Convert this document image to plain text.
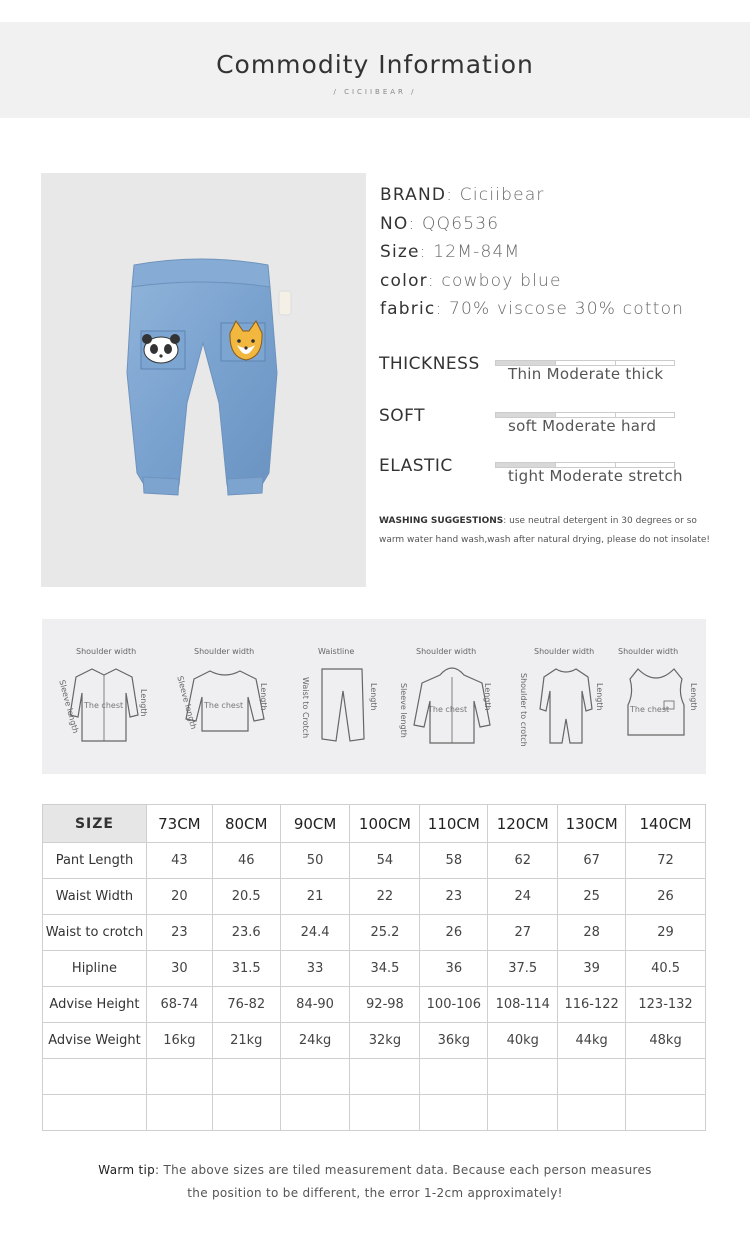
Commodity Information
/ CICIIBEAR /
BRAND: Ciciibear
NO: QQ6536
Size: 12M-84M
color: cowboy blue
fabric: 70% viscose 30% cotton
THICKNESS Thin Moderate thick
SOFT	soft Moderate hard
ELASTIC	tight Moderate stretch
WASHING SUGGESTIONS: use neutral detergent in 30 degrees or so warm water hand wash,wash after natural drying, please do not insolate!
Shoulder width
Length
Sleeve length The chest
Shoulder width
Length
Sleeve length The chest
Waistline
Length
Waist to Crotch
Shoulder width
Length
Sleeve length	The chest
Shoulder width
Length
Shoulder to crotch
Shoulder width
Length
The chest
SIZE	73CM	80CM	90CM	100CM	110CM	120CM	130CM	140CM
Pant Length	43	46	50	54	58	62	67	72
Waist Width	20	20.5	21	22	23	24	25	26
Waist to crotch	23	23.6	24.4	25.2	26	27	28	29
Hipline	30	31.5	33	34.5	36	37.5	39	40.5
Advise Height	68-74	76-82	84-90	92-98	100-106	108-114	116-122	123-132
Advise Weight	16kg	21kg	24kg	32kg	36kg	40kg	44kg	48kg

Warm tip: The above sizes are tiled measurement data. Because each person measures
the position to be different, the error 1-2cm approximately!
